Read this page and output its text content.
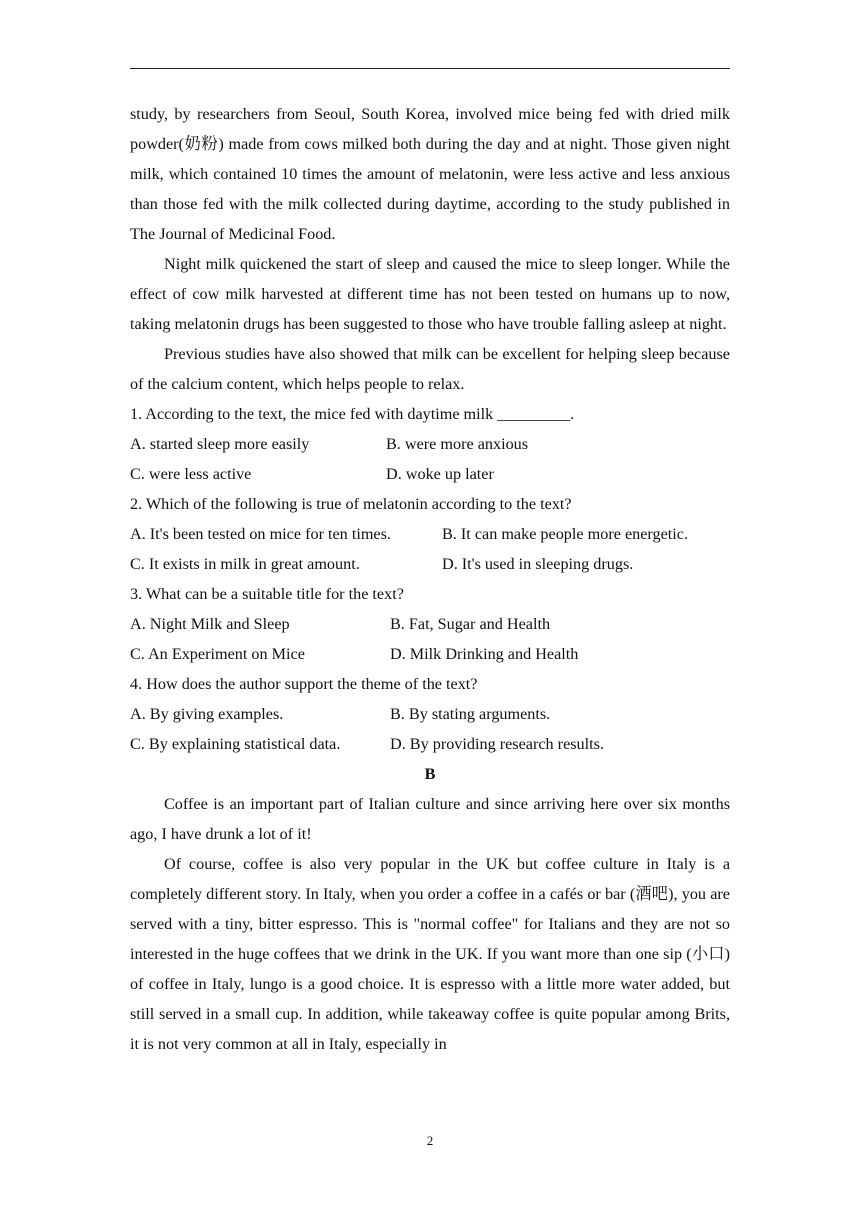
study, by researchers from Seoul, South Korea, involved mice being fed with dried milk powder(奶粉) made from cows milked both during the day and at night. Those given night milk, which contained 10 times the amount of melatonin, were less active and less anxious than those fed with the milk collected during daytime, according to the study published in The Journal of Medicinal Food.

Night milk quickened the start of sleep and caused the mice to sleep longer. While the effect of cow milk harvested at different time has not been tested on humans up to now, taking melatonin drugs has been suggested to those who have trouble falling asleep at night.

Previous studies have also showed that milk can be excellent for helping sleep because of the calcium content, which helps people to relax.

1. According to the text, the mice fed with daytime milk _________.

A. started sleep more easily	B. were more anxious
C. were less active	D. woke up later

2. Which of the following is true of melatonin according to the text?

A. It's been tested on mice for ten times.	B. It can make people more energetic.
C. It exists in milk in great amount.	D. It's used in sleeping drugs.

3. What can be a suitable title for the text?

A. Night Milk and Sleep	B. Fat, Sugar and Health
C. An Experiment on Mice	D. Milk Drinking and Health

4. How does the author support the theme of the text?

A. By giving examples.	B. By stating arguments.
C. By explaining statistical data.	D. By providing research results.

B

Coffee is an important part of Italian culture and since arriving here over six months ago, I have drunk a lot of it!

Of course, coffee is also very popular in the UK but coffee culture in Italy is a completely different story. In Italy, when you order a coffee in a cafés or bar (酒吧), you are served with a tiny, bitter espresso. This is "normal coffee" for Italians and they are not so interested in the huge coffees that we drink in the UK. If you want more than one sip (小口) of coffee in Italy, lungo is a good choice. It is espresso with a little more water added, but still served in a small cup. In addition, while takeaway coffee is quite popular among Brits, it is not very common at all in Italy, especially in

2
